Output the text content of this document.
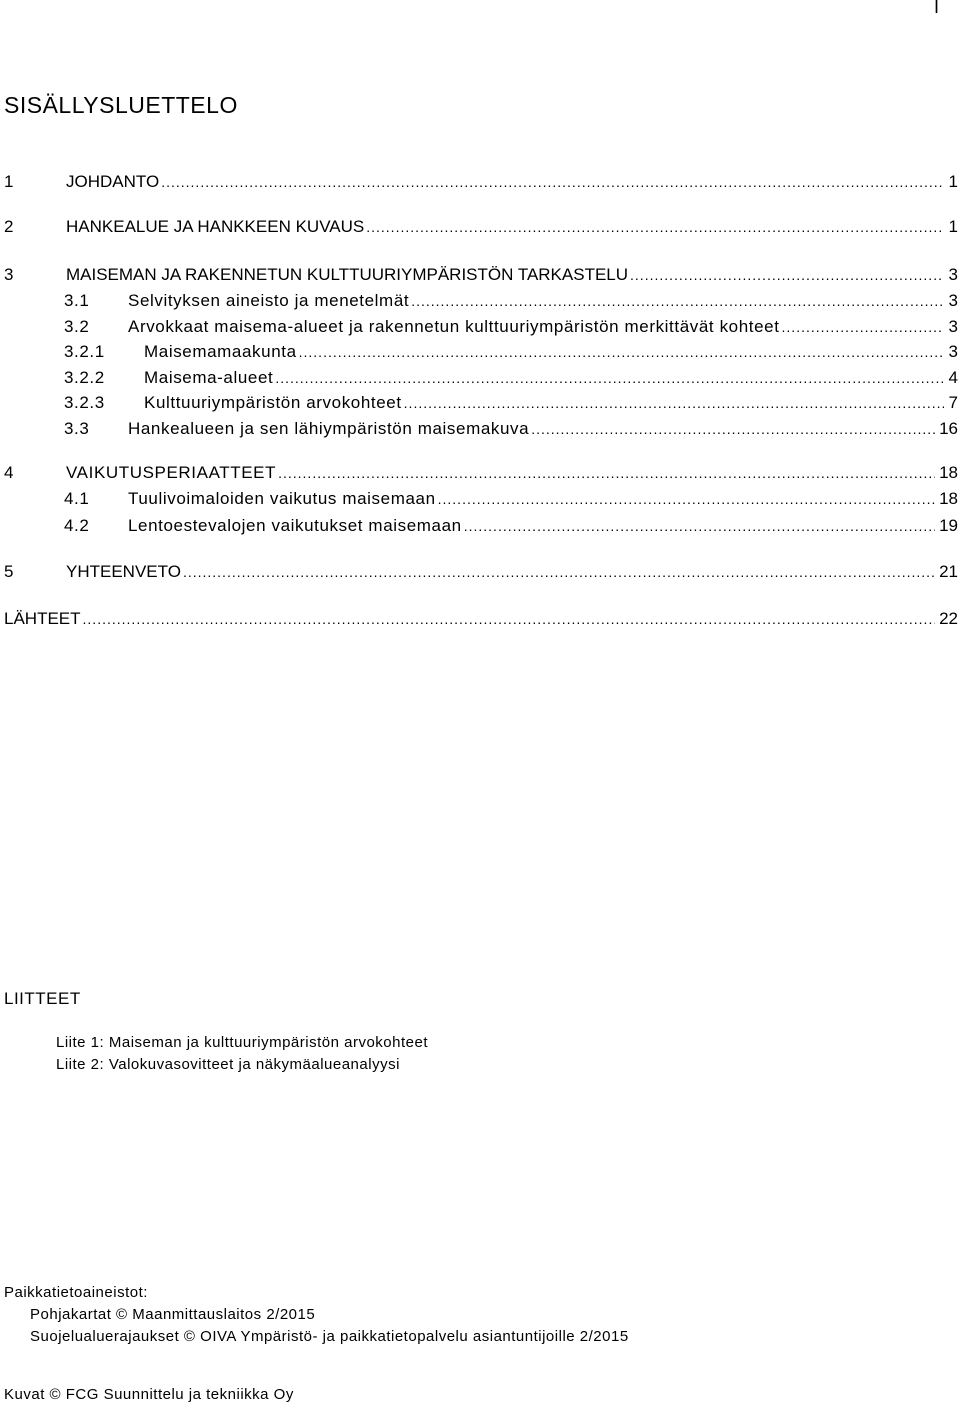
I
SISÄLLYSLUETTELO
1	JOHDANTO .....	1
2	HANKEALUE JA HANKKEEN KUVAUS .....	1
3	MAISEMAN JA RAKENNETUN KULTTUURIYMPÄRISTÖN TARKASTELU .....	3
3.1	Selvityksen aineisto ja menetelmät .....	3
3.2	Arvokkaat maisema-alueet ja rakennetun kulttuuriympäristön merkittävät kohteet .....	3
3.2.1	Maisemamaakunta .....	3
3.2.2	Maisema-alueet .....	4
3.2.3	Kulttuuriympäristön arvokohteet .....	7
3.3	Hankealueen ja sen lähiympäristön maisemakuva .....	16
4	VAIKUTUSPERIAATTEET .....	18
4.1	Tuulivoimaloiden vaikutus maisemaan .....	18
4.2	Lentoestevalojen vaikutukset maisemaan .....	19
5	YHTEENVETO .....	21
LÄHTEET .....	22
LIITTEET
Liite 1: Maiseman ja kulttuuriympäristön arvokohteet
Liite 2: Valokuvasovitteet ja näkymäalueanalyysi
Paikkatietoaineistot:
Pohjakartat © Maanmittauslaitos 2/2015
Suojelualuerajaukset © OIVA Ympäristö- ja paikkatietopalvelu asiantuntijoille 2/2015
Kuvat © FCG Suunnittelu ja tekniikka Oy
